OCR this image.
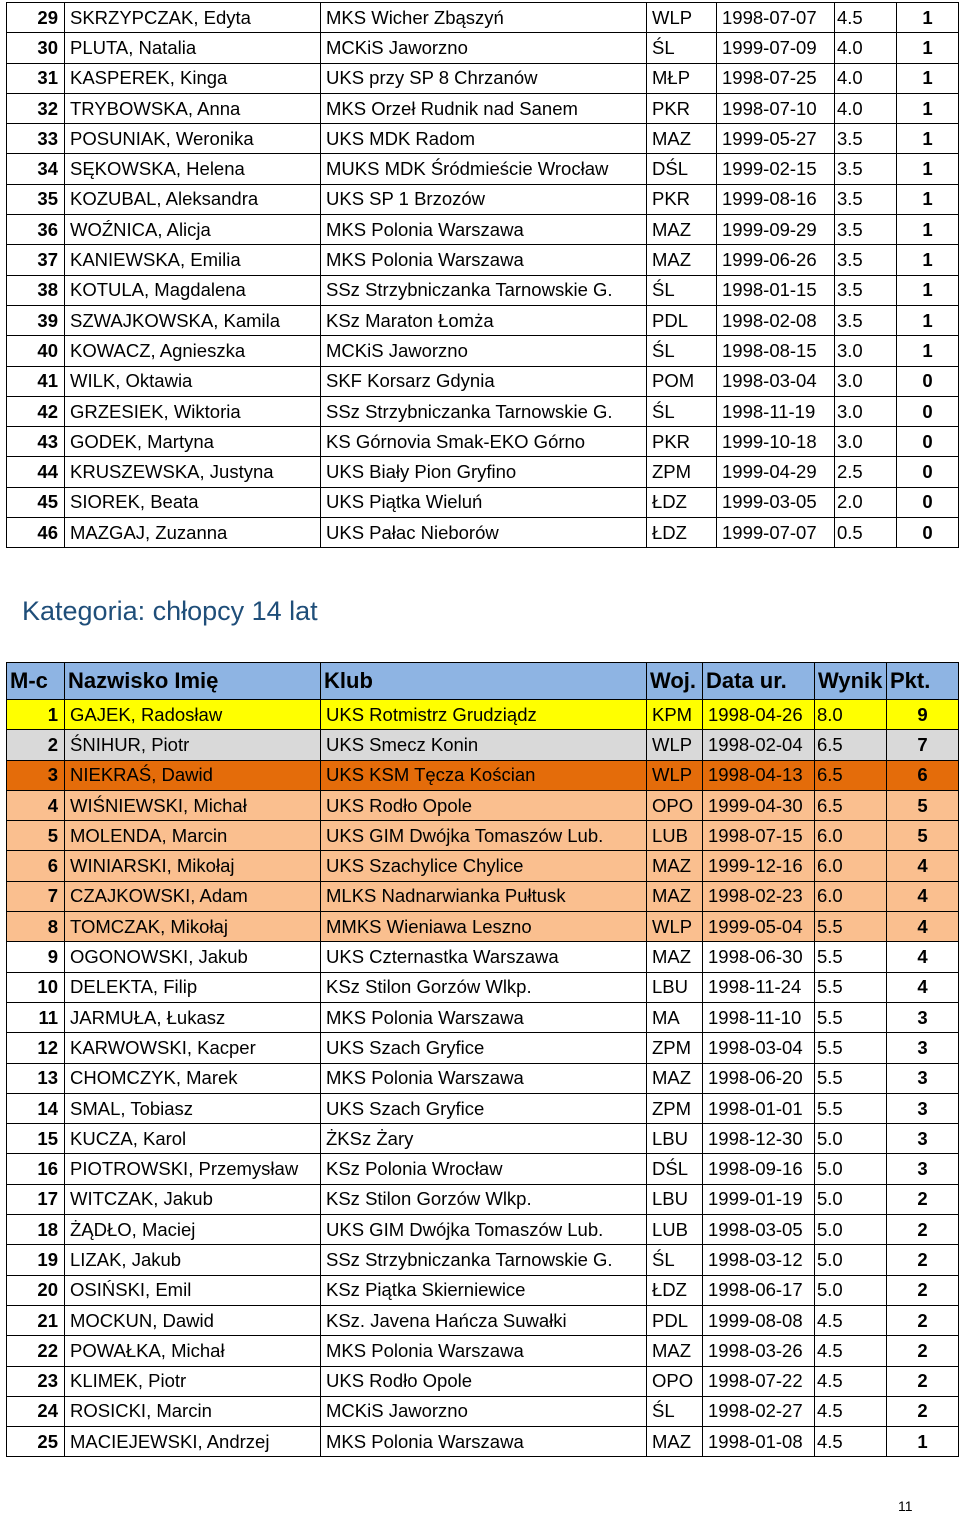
29	SKRZYPCZAK, Edyta	MKS Wicher Zbąszyń	WLP	1998-07-07	4.5	1
30	PLUTA, Natalia	MCKiS Jaworzno	ŚL	1999-07-09	4.0	1
31	KASPEREK, Kinga	UKS przy SP 8 Chrzanów	MŁP	1998-07-25	4.0	1
32	TRYBOWSKA, Anna	MKS Orzeł Rudnik nad Sanem	PKR	1998-07-10	4.0	1
33	POSUNIAK, Weronika	UKS MDK Radom	MAZ	1999-05-27	3.5	1
34	SĘKOWSKA, Helena	MUKS MDK Śródmieście Wrocław	DŚL	1999-02-15	3.5	1
35	KOZUBAL, Aleksandra	UKS SP 1 Brzozów	PKR	1999-08-16	3.5	1
36	WOŹNICA, Alicja	MKS Polonia Warszawa	MAZ	1999-09-29	3.5	1
37	KANIEWSKA, Emilia	MKS Polonia Warszawa	MAZ	1999-06-26	3.5	1
38	KOTULA, Magdalena	SSz Strzybniczanka Tarnowskie G.	ŚL	1998-01-15	3.5	1
39	SZWAJKOWSKA, Kamila	KSz Maraton Łomża	PDL	1998-02-08	3.5	1
40	KOWACZ, Agnieszka	MCKiS Jaworzno	ŚL	1998-08-15	3.0	1
41	WILK, Oktawia	SKF Korsarz Gdynia	POM	1998-03-04	3.0	0
42	GRZESIEK, Wiktoria	SSz Strzybniczanka Tarnowskie G.	ŚL	1998-11-19	3.0	0
43	GODEK, Martyna	KS Górnovia Smak-EKO Górno	PKR	1999-10-18	3.0	0
44	KRUSZEWSKA, Justyna	UKS Biały Pion Gryfino	ZPM	1999-04-29	2.5	0
45	SIOREK, Beata	UKS Piątka Wieluń	ŁDZ	1999-03-05	2.0	0
46	MAZGAJ, Zuzanna	UKS Pałac Nieborów	ŁDZ	1999-07-07	0.5	0
Kategoria: chłopcy 14 lat
M-c	Nazwisko Imię	Klub	Woj.	Data ur.	Wynik	Pkt.
1	GAJEK, Radosław	UKS Rotmistrz Grudziądz	KPM	1998-04-26	8.0	9
2	ŚNIHUR, Piotr	UKS Smecz Konin	WLP	1998-02-04	6.5	7
3	NIEKRAŚ, Dawid	UKS KSM Tęcza Kościan	WLP	1998-04-13	6.5	6
4	WIŚNIEWSKI, Michał	UKS Rodło Opole	OPO	1999-04-30	6.5	5
5	MOLENDA, Marcin	UKS GIM Dwójka Tomaszów Lub.	LUB	1998-07-15	6.0	5
6	WINIARSKI, Mikołaj	UKS Szachylice Chylice	MAZ	1999-12-16	6.0	4
7	CZAJKOWSKI, Adam	MLKS Nadnarwianka Pułtusk	MAZ	1998-02-23	6.0	4
8	TOMCZAK, Mikołaj	MMKS Wieniawa Leszno	WLP	1999-05-04	5.5	4
9	OGONOWSKI, Jakub	UKS Czternastka Warszawa	MAZ	1998-06-30	5.5	4
10	DELEKTA, Filip	KSz Stilon Gorzów Wlkp.	LBU	1998-11-24	5.5	4
11	JARMUŁA, Łukasz	MKS Polonia Warszawa	MA	1998-11-10	5.5	3
12	KARWOWSKI, Kacper	UKS Szach Gryfice	ZPM	1998-03-04	5.5	3
13	CHOMCZYK, Marek	MKS Polonia Warszawa	MAZ	1998-06-20	5.5	3
14	SMAL, Tobiasz	UKS Szach Gryfice	ZPM	1998-01-01	5.5	3
15	KUCZA, Karol	ŻKSz Żary	LBU	1998-12-30	5.0	3
16	PIOTROWSKI, Przemysław	KSz Polonia Wrocław	DŚL	1998-09-16	5.0	3
17	WITCZAK, Jakub	KSz Stilon Gorzów Wlkp.	LBU	1999-01-19	5.0	2
18	ŻĄDŁO, Maciej	UKS GIM Dwójka Tomaszów Lub.	LUB	1998-03-05	5.0	2
19	LIZAK, Jakub	SSz Strzybniczanka Tarnowskie G.	ŚL	1998-03-12	5.0	2
20	OSIŃSKI, Emil	KSz Piątka Skierniewice	ŁDZ	1998-06-17	5.0	2
21	MOCKUN, Dawid	KSz. Javena Hańcza Suwałki	PDL	1999-08-08	4.5	2
22	POWAŁKA, Michał	MKS Polonia Warszawa	MAZ	1998-03-26	4.5	2
23	KLIMEK, Piotr	UKS Rodło Opole	OPO	1998-07-22	4.5	2
24	ROSICKI, Marcin	MCKiS Jaworzno	ŚL	1998-02-27	4.5	2
25	MACIEJEWSKI, Andrzej	MKS Polonia Warszawa	MAZ	1998-01-08	4.5	1
11
